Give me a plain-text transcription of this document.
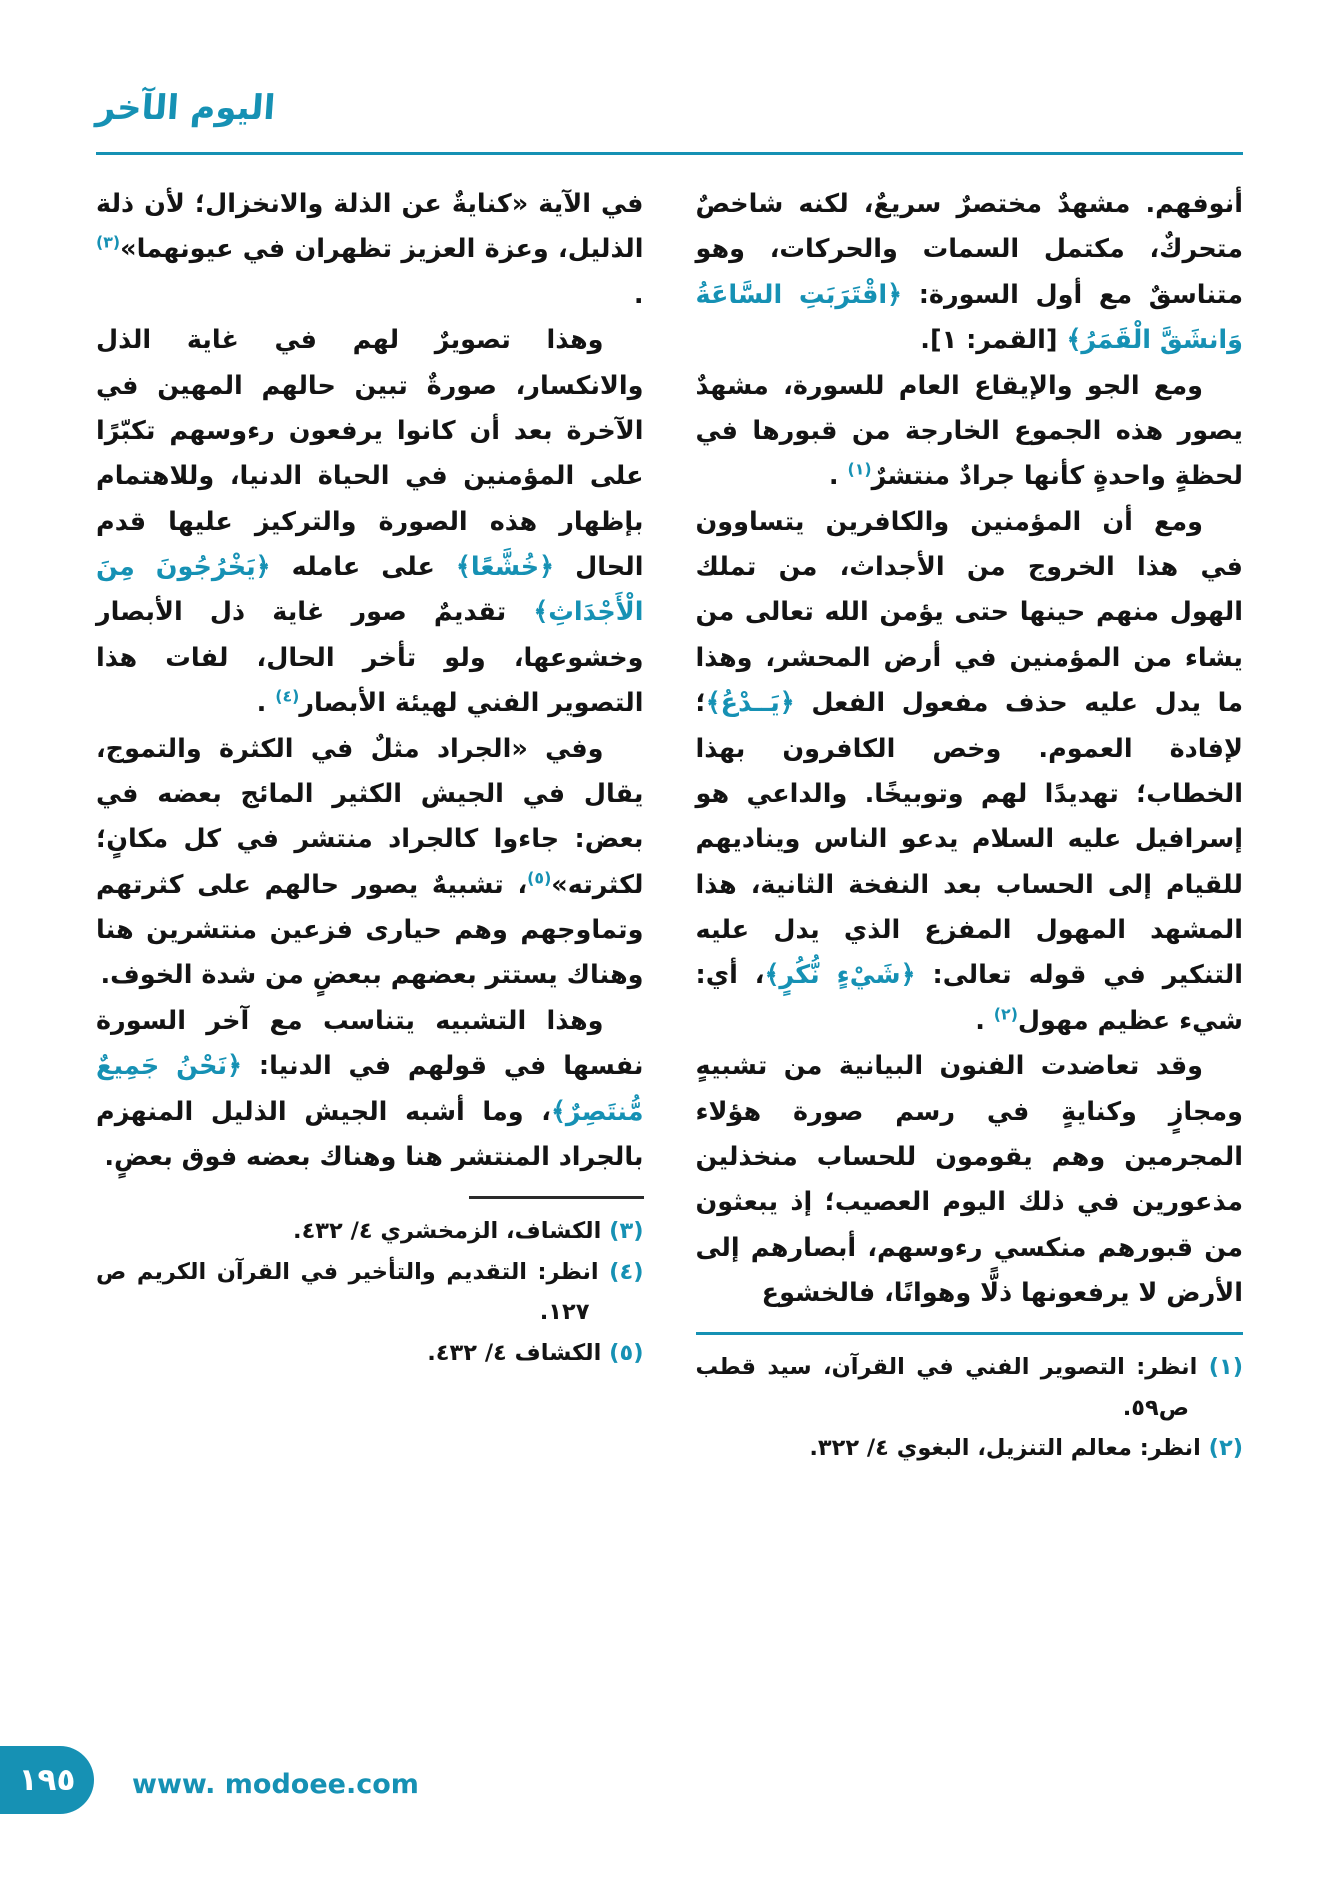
اليوم الآخر

أنوفهم. مشهدٌ مختصرٌ سريعٌ، لكنه شاخصٌ متحركٌ، مكتمل السمات والحركات، وهو متناسقٌ مع أول السورة: ﴿اقْتَرَبَتِ السَّاعَةُ وَانشَقَّ الْقَمَرُ﴾ [القمر: ١].

ومع الجو والإيقاع العام للسورة، مشهدٌ يصور هذه الجموع الخارجة من قبورها في لحظةٍ واحدةٍ كأنها جرادٌ منتشرٌ$^{(١)}$ .

ومع أن المؤمنين والكافرين يتساوون في هذا الخروج من الأجداث، من تملك الهول منهم حينها حتى يؤمن الله تعالى من يشاء من المؤمنين في أرض المحشر، وهذا ما يدل عليه حذف مفعول الفعل ﴿يَــدْعُ﴾؛ لإفادة العموم. وخص الكافرون بهذا الخطاب؛ تهديدًا لهم وتوبيخًا. والداعي هو إسرافيل عليه السلام يدعو الناس ويناديهم للقيام إلى الحساب بعد النفخة الثانية، هذا المشهد المهول المفزع الذي يدل عليه التنكير في قوله تعالى: ﴿شَيْءٍ نُّكُرٍ﴾، أي: شيء عظيم مهول$^{(٢)}$ .

وقد تعاضدت الفنون البيانية من تشبيهٍ ومجازٍ وكنايةٍ في رسم صورة هؤلاء المجرمين وهم يقومون للحساب منخذلين مذعورين في ذلك اليوم العصيب؛ إذ يبعثون من قبورهم منكسي رءوسهم، أبصارهم إلى الأرض لا يرفعونها ذلًّا وهوانًا، فالخشوع

(١) انظر: التصوير الفني في القرآن، سيد قطب ص٥٩.

(٢) انظر: معالم التنزيل، البغوي ٤/ ٣٢٢.

في الآية «كنايةٌ عن الذلة والانخزال؛ لأن ذلة الذليل، وعزة العزيز تظهران في عيونهما»$^{(٣)}$ .

وهذا تصويرٌ لهم في غاية الذل والانكسار، صورةٌ تبين حالهم المهين في الآخرة بعد أن كانوا يرفعون رءوسهم تكبّرًا على المؤمنين في الحياة الدنيا، وللاهتمام بإظهار هذه الصورة والتركيز عليها قدم الحال ﴿خُشَّعًا﴾ على عامله ﴿يَخْرُجُونَ مِنَ الْأَجْدَاثِ﴾ تقديمٌ صور غاية ذل الأبصار وخشوعها، ولو تأخر الحال، لفات هذا التصوير الفني لهيئة الأبصار$^{(٤)}$ .

وفي «الجراد مثلٌ في الكثرة والتموج، يقال في الجيش الكثير المائج بعضه في بعض: جاءوا كالجراد منتشر في كل مكانٍ؛ لكثرته»$^{(٥)}$، تشبيهٌ يصور حالهم على كثرتهم وتماوجهم وهم حيارى فزعين منتشرين هنا وهناك يستتر بعضهم ببعضٍ من شدة الخوف.

وهذا التشبيه يتناسب مع آخر السورة نفسها في قولهم في الدنيا: ﴿نَحْنُ جَمِيعٌ مُّنتَصِرٌ﴾، وما أشبه الجيش الذليل المنهزم بالجراد المنتشر هنا وهناك بعضه فوق بعضٍ.

(٣) الكشاف، الزمخشري ٤/ ٤٣٢.

(٤) انظر: التقديم والتأخير في القرآن الكريم ص ١٢٧.

(٥) الكشاف ٤/ ٤٣٢.

١٩٥ www. modoee.com
